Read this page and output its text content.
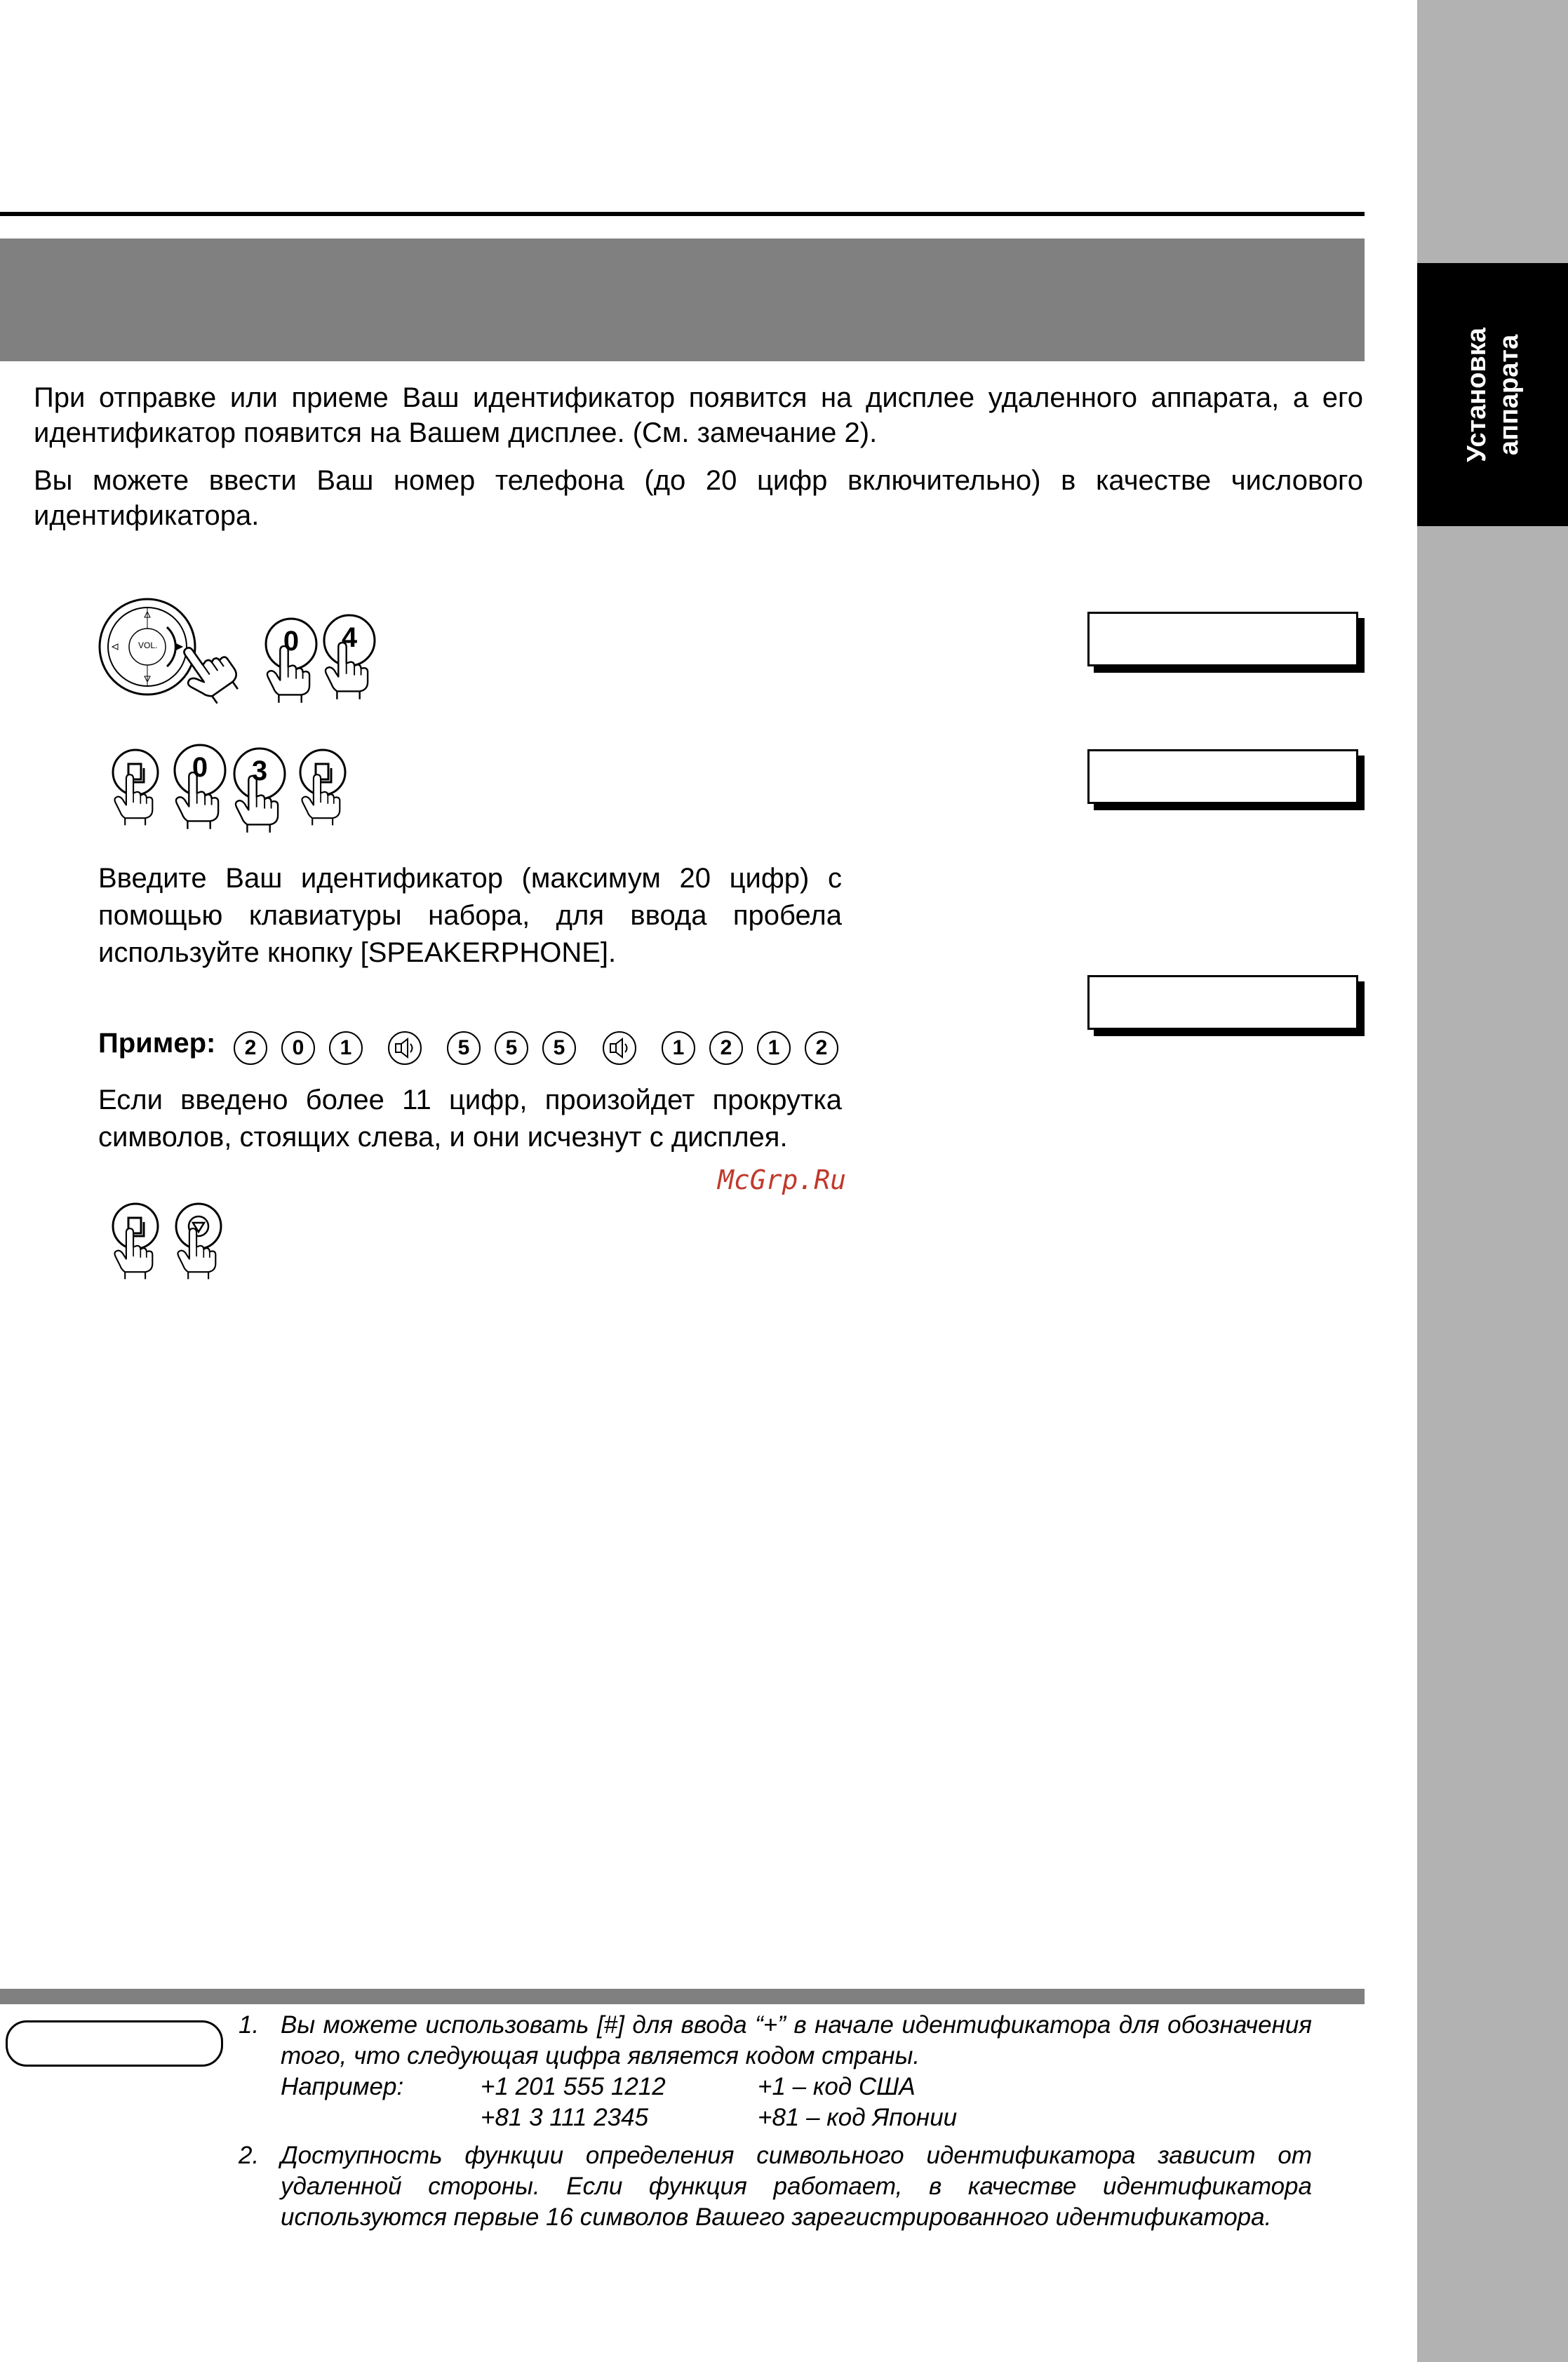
Установка аппарата

При отправке или приеме Ваш идентификатор появится на дисплее удаленного аппарата, а его идентификатор появится на Вашем дисплее. (См. замечание 2).

Вы можете ввести Ваш номер телефона (до 20 цифр включительно) в качестве числового идентификатора.

VOL.	0	4
0	3

Введите Ваш идентификатор (максимум 20 цифр) с помощью клавиатуры набора, для ввода пробела используйте кнопку [SPEAKERPHONE].

Пример:	2	0	1	5	5	5	1	2	1	2

Если введено более 11 цифр, произойдет прокрутка символов, стоящих слева, и они исчезнут с дисплея.

McGrp.Ru
1. Вы можете использовать [#] для ввода “+” в начале идентификатора для обозначения того, что следующая цифра является кодом страны.

Например:	+1 201 555 1212	+1 – код США
+81 3 111 2345	+81 – код Японии
2. Доступность функции определения символьного идентификатора зависит от удаленной стороны. Если функция работает, в качестве идентификатора используются первые 16 символов Вашего зарегистрированного идентификатора.
